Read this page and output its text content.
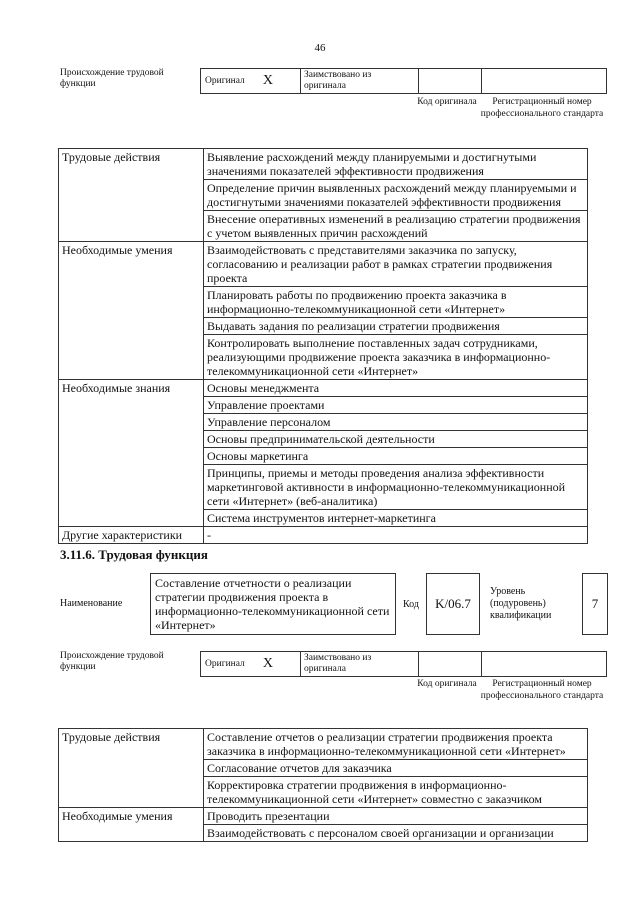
46
Происхождение трудовой функции	Оригинал X	Заимствовано из оригинала
Код оригинала	Регистрационный номер профессионального стандарта
Трудовые действия	Выявление расхождений между планируемыми и достигнутыми значениями показателей эффективности продвижения
	Определение причин выявленных расхождений между планируемыми и достигнутыми значениями показателей эффективности продвижения
	Внесение оперативных изменений в реализацию стратегии продвижения с учетом выявленных причин расхождений
Необходимые умения	Взаимодействовать с представителями заказчика по запуску, согласованию и реализации работ в рамках стратегии продвижения проекта
	Планировать работы по продвижению проекта заказчика в информационно-телекоммуникационной сети «Интернет»
	Выдавать задания по реализации стратегии продвижения
	Контролировать выполнение поставленных задач сотрудниками, реализующими продвижение проекта заказчика в информационно-телекоммуникационной сети «Интернет»
Необходимые знания	Основы менеджмента
	Управление проектами
	Управление персоналом
	Основы предпринимательской деятельности
	Основы маркетинга
	Принципы, приемы и методы проведения анализа эффективности маркетинговой активности в информационно-телекоммуникационной сети «Интернет» (веб-аналитика)
	Система инструментов интернет-маркетинга
Другие характеристики	-
3.11.6. Трудовая функция
Наименование
Составление отчетности о реализации стратегии продвижения проекта в информационно-телекоммуникационной сети «Интернет»
Код	K/06.7
Уровень (подуровень) квалификации
7
Происхождение трудовой функции	Оригинал X	Заимствовано из оригинала
Код оригинала	Регистрационный номер профессионального стандарта
Трудовые действия	Составление отчетов о реализации стратегии продвижения проекта заказчика в информационно-телекоммуникационной сети «Интернет»
	Согласование отчетов для заказчика
	Корректировка стратегии продвижения в информационно-телекоммуникационной сети «Интернет» совместно с заказчиком
Необходимые умения	Проводить презентации
	Взаимодействовать с персоналом своей организации и организации
